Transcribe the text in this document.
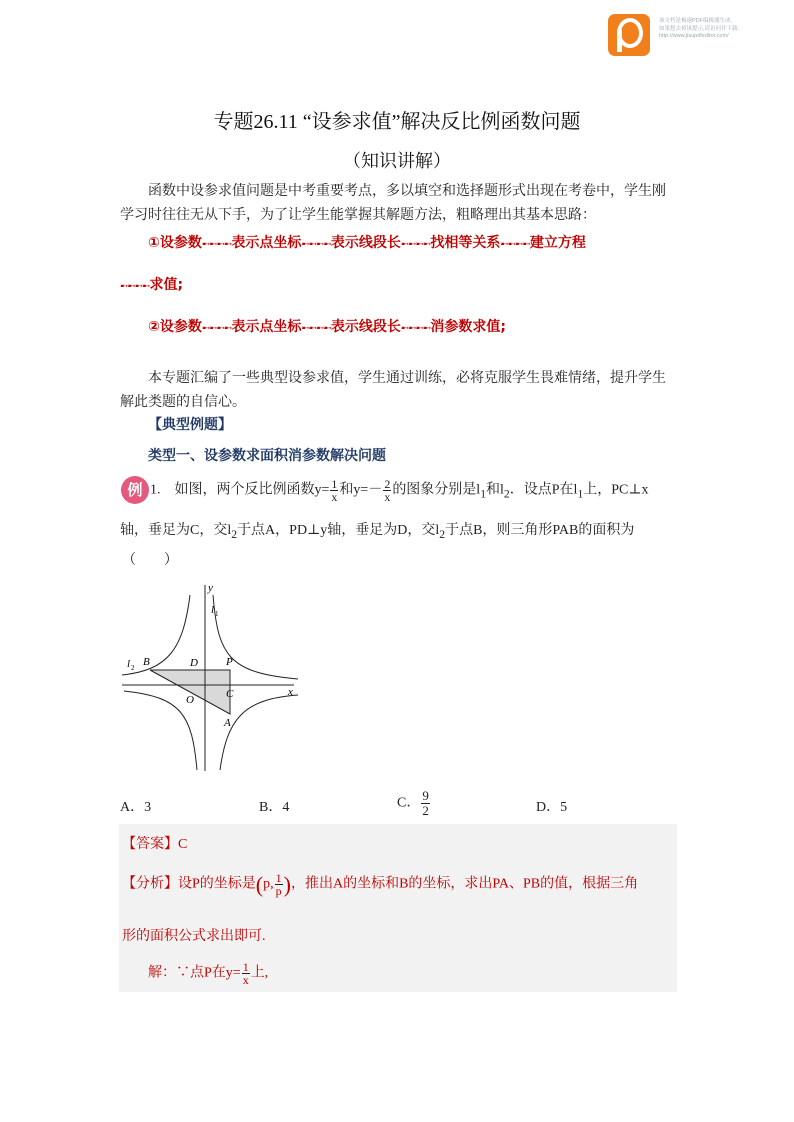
该文档是极速PDF编辑器生成,
如果想去掉该提示,请访问并下载:
http://www.jisupdfeditor.com/
专题26.11 “设参求值”解决反比例函数问题
（知识讲解）
函数中设参求值问题是中考重要考点，多以填空和选择题形式出现在考卷中，学生刚学习时往往无从下手，为了让学生能掌握其解题方法，粗略理出其基本思路：
①设参数➸➸➸➸表示点坐标➸➸➸➸表示线段长➸➸➸➸找相等关系➸➸➸➸建立方程
➸➸➸➸求值;
②设参数➸➸➸➸表示点坐标➸➸➸➸表示线段长➸➸➸➸消参数求值;
本专题汇编了一些典型设参求值，学生通过训练，必将克服学生畏难情绪，提升学生解此类题的自信心。
【典型例题】
类型一、设参数求面积消参数解决问题
例 1.　如图，两个反比例函数$y= \frac{1}{x}$ 和$y=- \frac{2}{x}$ 的图象分别是$l_1$和$l_2$．设点P在$l_1$上，PC⊥x
轴，垂足为C，交$l_2$于点A，PD⊥y轴，垂足为D，交$l_2$于点B，则三角形PAB的面积为
（　　）
y
x
l 1
l 2 B	D	P
C
O
A
A．3	B．4	C． $\frac{9}{2}$	D．5
【答案】C
【分析】设P的坐标是(p, $\frac{1}{p}$ )，推出A的坐标和B的坐标，求出PA、PB的值，根据三角
形的面积公式求出即可.
解：∵点P在$y= \frac{1}{x}$ 上,
